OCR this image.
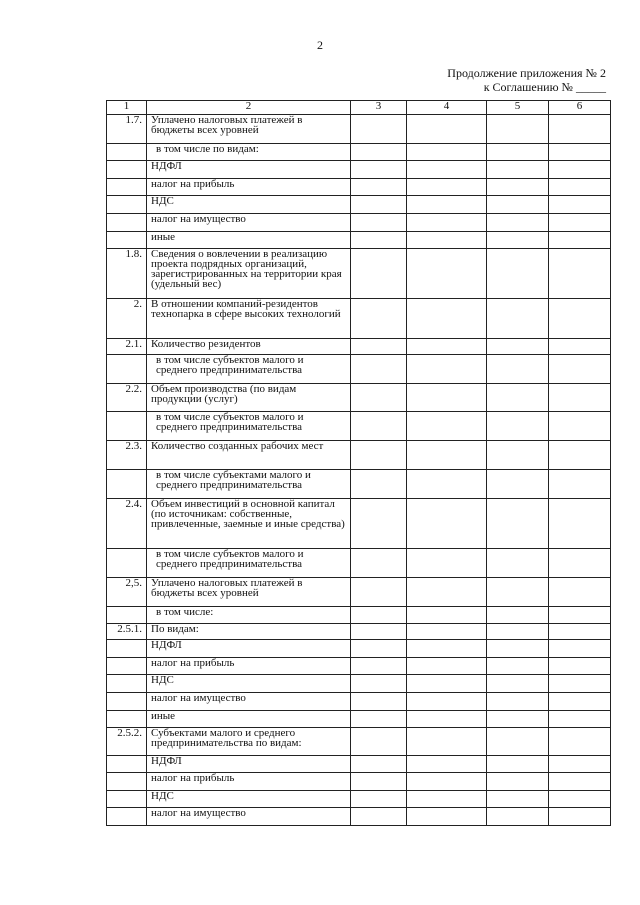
2
Продолжение приложения № 2
к Соглашению № _____
1	2	3	4	5	6
1.7.	Уплачено налоговых платежей в бюджеты всех уровней				
	в том числе по видам:				
	НДФЛ				
	налог на прибыль				
	НДС				
	налог на имущество				
	иные				
1.8.	Сведения о вовлечении в реализацию проекта подрядных организаций, зарегистрированных на территории края (удельный вес)				
2.	В отношении компаний-резидентов технопарка в сфере высоких технологий				
2.1.	Количество резидентов				
	в том числе субъектов малого и среднего предпринимательства				
2.2.	Объем производства (по видам продукции (услуг)				
	в том числе субъектов малого и среднего предпринимательства				
2.3.	Количество созданных рабочих мест				
	в том числе субъектами малого и среднего предпринимательства				
2.4.	Объем инвестиций в основной капитал (по источникам: собственные, привлеченные, заемные и иные средства)				
	в том числе субъектов малого и среднего предпринимательства				
2,5.	Уплачено налоговых платежей в бюджеты всех уровней				
	в том числе:				
2.5.1.	По видам:				
	НДФЛ				
	налог на прибыль				
	НДС				
	налог на имущество				
	иные				
2.5.2.	Субъектами малого и среднего предпринимательства по видам:				
	НДФЛ				
	налог на прибыль				
	НДС				
	налог на имущество				
